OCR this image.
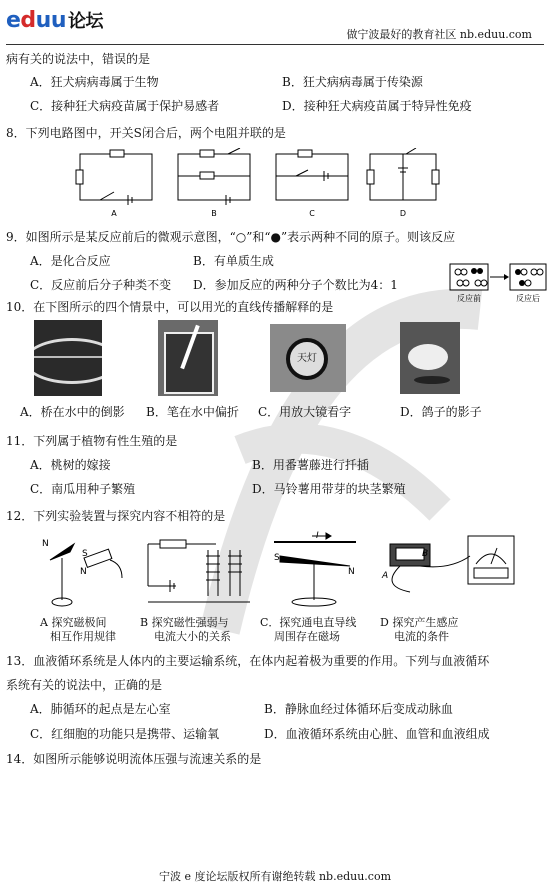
eduu 论坛
做宁波最好的教育社区 nb.eduu.com
病有关的说法中，错误的是
A．狂犬病病毒属于生物	B．狂犬病病毒属于传染源
C．接种狂犬病疫苗属于保护易感者	D．接种狂犬病疫苗属于特异性免疫
8．下列电路图中，开关S闭合后，两个电阻并联的是
A	B	C	D
9．如图所示是某反应前后的微观示意图，“○”和“●”表示两种不同的原子。则该反应
A．是化合反应	B．有单质生成
C．反应前后分子种类不变 D．参加反应的两种分子个数比为4：1
反应前	反应后
10．在下图所示的四个情景中，可以用光的直线传播解释的是
天灯
A．桥在水中的倒影 B．笔在水中偏折 C．用放大镜看字	D．鸽子的影子
11．下列属于植物有性生殖的是
A．桃树的嫁接	B．用番薯藤进行扦插
C．南瓜用种子繁殖	D．马铃薯用带芽的块茎繁殖
12．下列实验装置与探究内容不相符的是
N
S
N
I
S
N	A
B
A 探究磁极间
相互作用规律
B 探究磁性强弱与
电流大小的关系
C．探究通电直导线
周围存在磁场
D 探究产生感应
电流的条件
13．血液循环系统是人体内的主要运输系统，在体内起着极为重要的作用。下列与血液循环
系统有关的说法中，正确的是
A．肺循环的起点是左心室	B．静脉血经过体循环后变成动脉血
C．红细胞的功能只是携带、运输氧	D．血液循环系统由心脏、血管和血液组成
14．如图所示能够说明流体压强与流速关系的是
宁波 e 度论坛版权所有谢绝转载 nb.eduu.com
